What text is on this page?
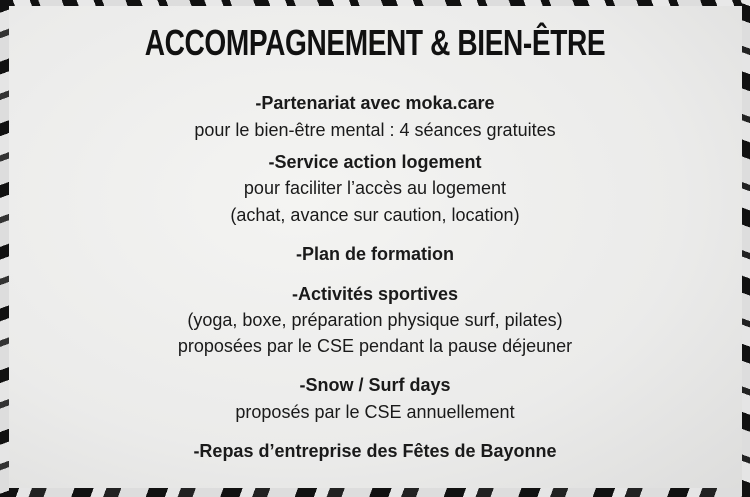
ACCOMPAGNEMENT & BIEN-ÊTRE
-Partenariat avec moka.care
pour le bien-être mental : 4 séances gratuites
-Service action logement
pour faciliter l’accès au logement
(achat, avance sur caution, location)
-Plan de formation
-Activités sportives
(yoga, boxe, préparation physique surf, pilates)
proposées par le CSE pendant la pause déjeuner
-Snow / Surf days
proposés par le CSE annuellement
-Repas d’entreprise des Fêtes de Bayonne
